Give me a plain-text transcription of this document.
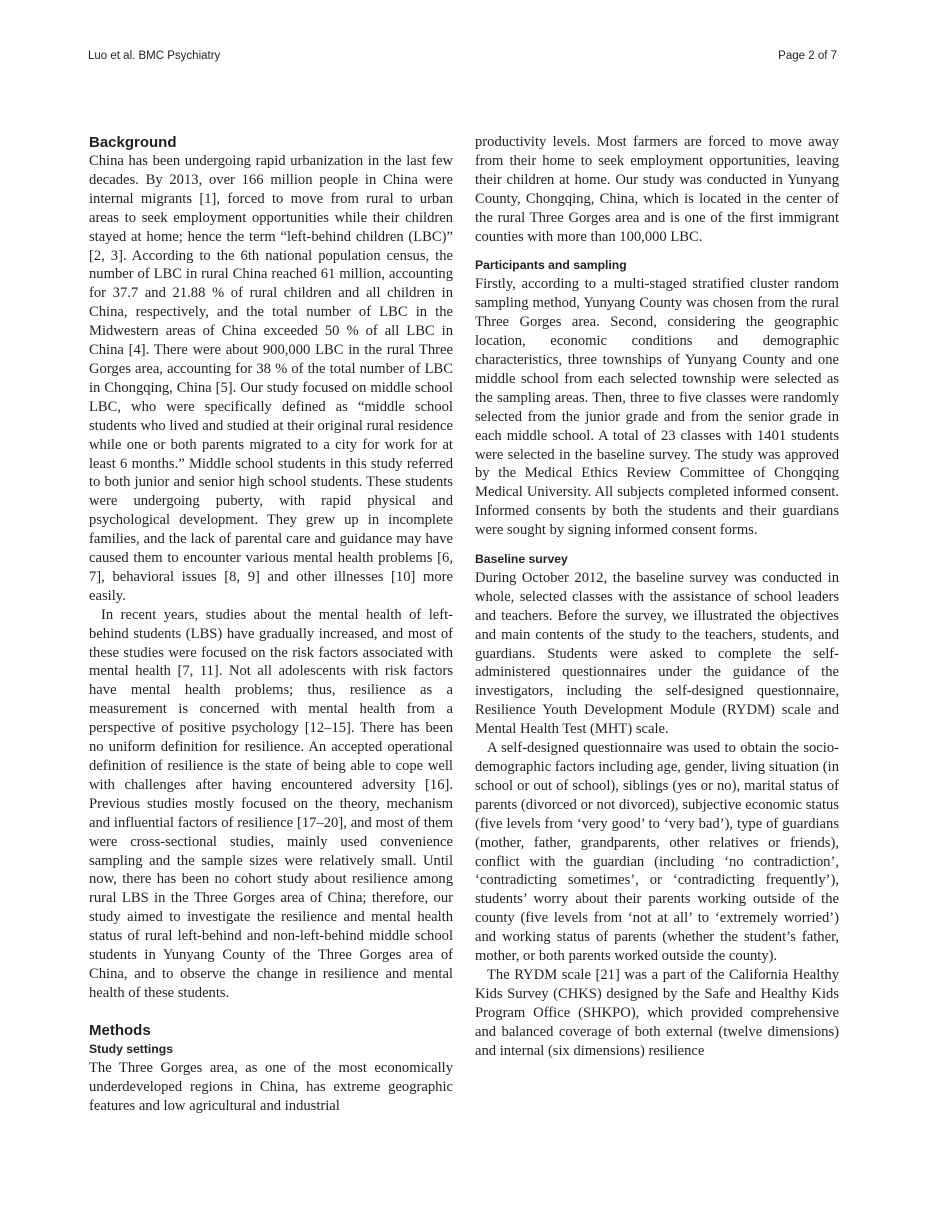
Luo et al. BMC Psychiatry	Page 2 of 7
Background

China has been undergoing rapid urbanization in the last few decades. By 2013, over 166 million people in China were internal migrants [1], forced to move from rural to urban areas to seek employment opportunities while their children stayed at home; hence the term “left-behind children (LBC)” [2, 3]. According to the 6th national population census, the number of LBC in rural China reached 61 million, accounting for 37.7 and 21.88 % of rural children and all children in China, respectively, and the total number of LBC in the Midwestern areas of China exceeded 50 % of all LBC in China [4]. There were about 900,000 LBC in the rural Three Gorges area, accounting for 38 % of the total number of LBC in Chongqing, China [5]. Our study focused on middle school LBC, who were specifically defined as “middle school students who lived and studied at their original rural residence while one or both parents migrated to a city for work for at least 6 months.” Middle school students in this study referred to both junior and senior high school students. These students were undergoing puberty, with rapid physical and psychological development. They grew up in incomplete families, and the lack of parental care and guidance may have caused them to encounter various mental health problems [6, 7], behavioral issues [8, 9] and other illnesses [10] more easily.

In recent years, studies about the mental health of left-behind students (LBS) have gradually increased, and most of these studies were focused on the risk factors associated with mental health [7, 11]. Not all adolescents with risk factors have mental health problems; thus, resilience as a measurement is concerned with mental health from a perspective of positive psychology [12–15]. There has been no uniform definition for resilience. An accepted operational definition of resilience is the state of being able to cope well with challenges after having encountered adversity [16]. Previous studies mostly focused on the theory, mechanism and influential factors of resilience [17–20], and most of them were cross-sectional studies, mainly used convenience sampling and the sample sizes were relatively small. Until now, there has been no cohort study about resilience among rural LBS in the Three Gorges area of China; therefore, our study aimed to investigate the resilience and mental health status of rural left-behind and non-left-behind middle school students in Yunyang County of the Three Gorges area of China, and to observe the change in resilience and mental health of these students.

Methods
Study settings

The Three Gorges area, as one of the most economically underdeveloped regions in China, has extreme geographic features and low agricultural and industrial

productivity levels. Most farmers are forced to move away from their home to seek employment opportunities, leaving their children at home. Our study was conducted in Yunyang County, Chongqing, China, which is located in the center of the rural Three Gorges area and is one of the first immigrant counties with more than 100,000 LBC.

Participants and sampling

Firstly, according to a multi-staged stratified cluster random sampling method, Yunyang County was chosen from the rural Three Gorges area. Second, considering the geographic location, economic conditions and demographic characteristics, three townships of Yunyang County and one middle school from each selected township were selected as the sampling areas. Then, three to five classes were randomly selected from the junior grade and from the senior grade in each middle school. A total of 23 classes with 1401 students were selected in the baseline survey. The study was approved by the Medical Ethics Review Committee of Chongqing Medical University. All subjects completed informed consent. Informed consents by both the students and their guardians were sought by signing informed consent forms.

Baseline survey

During October 2012, the baseline survey was conducted in whole, selected classes with the assistance of school leaders and teachers. Before the survey, we illustrated the objectives and main contents of the study to the teachers, students, and guardians. Students were asked to complete the self-administered questionnaires under the guidance of the investigators, including the self-designed questionnaire, Resilience Youth Development Module (RYDM) scale and Mental Health Test (MHT) scale.

A self-designed questionnaire was used to obtain the socio-demographic factors including age, gender, living situation (in school or out of school), siblings (yes or no), marital status of parents (divorced or not divorced), subjective economic status (five levels from ‘very good’ to ‘very bad’), type of guardians (mother, father, grandparents, other relatives or friends), conflict with the guardian (including ‘no contradiction’, ‘contradicting sometimes’, or ‘contradicting frequently’), students’ worry about their parents working outside of the county (five levels from ‘not at all’ to ‘extremely worried’) and working status of parents (whether the student’s father, mother, or both parents worked outside the county).

The RYDM scale [21] was a part of the California Healthy Kids Survey (CHKS) designed by the Safe and Healthy Kids Program Office (SHKPO), which provided comprehensive and balanced coverage of both external (twelve dimensions) and internal (six dimensions) resilience
